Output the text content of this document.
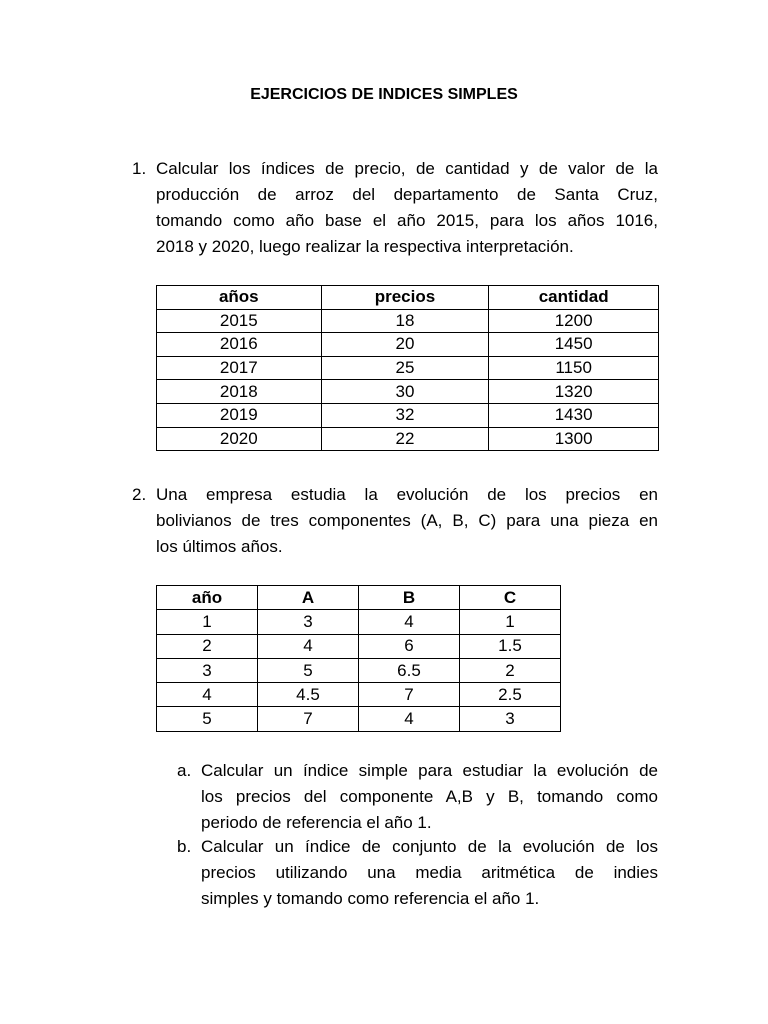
EJERCICIOS DE INDICES SIMPLES
1. Calcular los índices de precio, de cantidad y de valor de la
producción de arroz del departamento de Santa Cruz,
tomando como año base el año 2015, para los años 1016,
2018 y 2020, luego realizar la respectiva interpretación.
años	precios	cantidad
2015	18	1200
2016	20	1450
2017	25	1150
2018	30	1320
2019	32	1430
2020	22	1300
2. Una empresa estudia la evolución de los precios en
bolivianos de tres componentes (A, B, C) para una pieza en
los últimos años.
año	A	B	C
1	3	4	1
2	4	6	1.5
3	5	6.5	2
4	4.5	7	2.5
5	7	4	3
a. Calcular un índice simple para estudiar la evolución de
los precios del componente A,B y B, tomando como
periodo de referencia el año 1.
b. Calcular un índice de conjunto de la evolución de los
precios utilizando una media aritmética de indies
simples y tomando como referencia el año 1.
